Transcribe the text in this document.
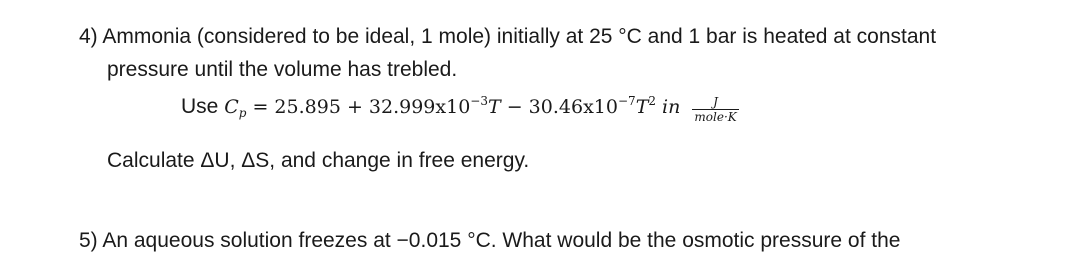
4) Ammonia (considered to be ideal, 1 mole) initially at 25 °C and 1 bar is heated at constant
pressure until the volume has trebled.
Use $C_p = 25.895 + 32.999x10^{-3}T - 30.46x10^{-7}T^2$ in $\frac{J}{\text{mole·K}}$
Calculate ΔU, ΔS, and change in free energy.
5) An aqueous solution freezes at −0.015 °C. What would be the osmotic pressure of the
